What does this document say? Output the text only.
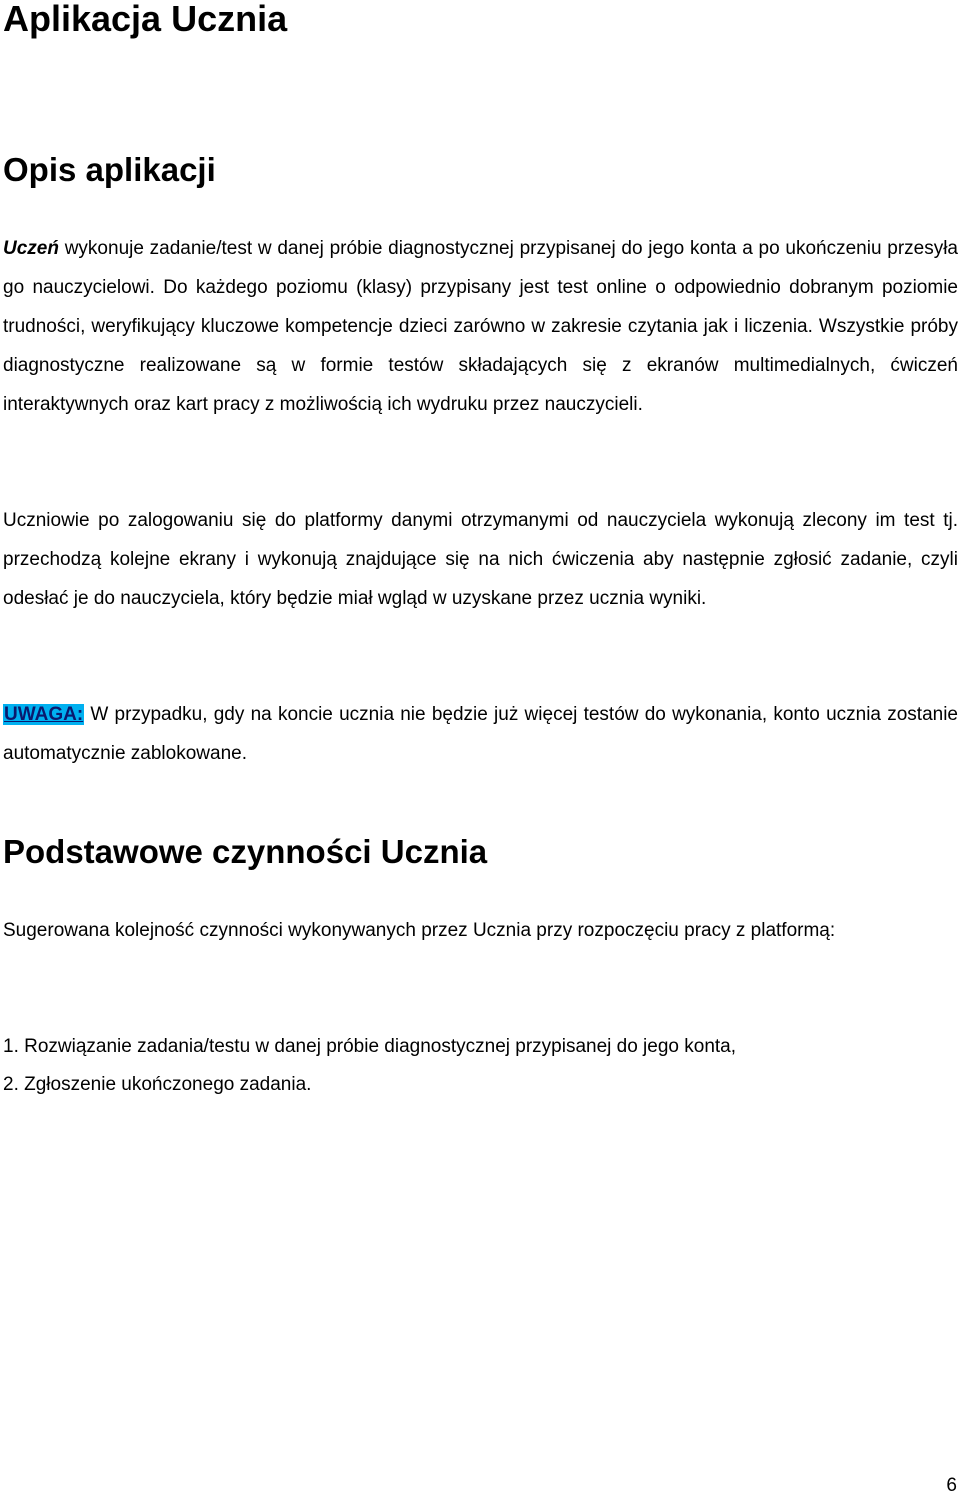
Aplikacja Ucznia
Opis aplikacji

Uczeń wykonuje zadanie/test w danej próbie diagnostycznej przypisanej do jego konta a po ukończeniu przesyła go nauczycielowi. Do każdego poziomu (klasy) przypisany jest test online o odpowiednio dobranym poziomie trudności, weryfikujący kluczowe kompetencje dzieci zarówno w zakresie czytania jak i liczenia. Wszystkie próby diagnostyczne realizowane są w formie testów składających się z ekranów multimedialnych, ćwiczeń interaktywnych oraz kart pracy z możliwością ich wydruku przez nauczycieli.

Uczniowie po zalogowaniu się do platformy danymi otrzymanymi od nauczyciela wykonują zlecony im test tj. przechodzą kolejne ekrany i wykonują znajdujące się na nich ćwiczenia aby następnie zgłosić zadanie, czyli odesłać je do nauczyciela, który będzie miał wgląd w uzyskane przez ucznia wyniki.

UWAGA: W przypadku, gdy na koncie ucznia nie będzie już więcej testów do wykonania, konto ucznia zostanie automatycznie zablokowane.

Podstawowe czynności Ucznia

Sugerowana kolejność czynności wykonywanych przez Ucznia przy rozpoczęciu pracy z platformą:

1. Rozwiązanie zadania/testu w danej próbie diagnostycznej przypisanej do jego konta,
2. Zgłoszenie ukończonego zadania.
6
